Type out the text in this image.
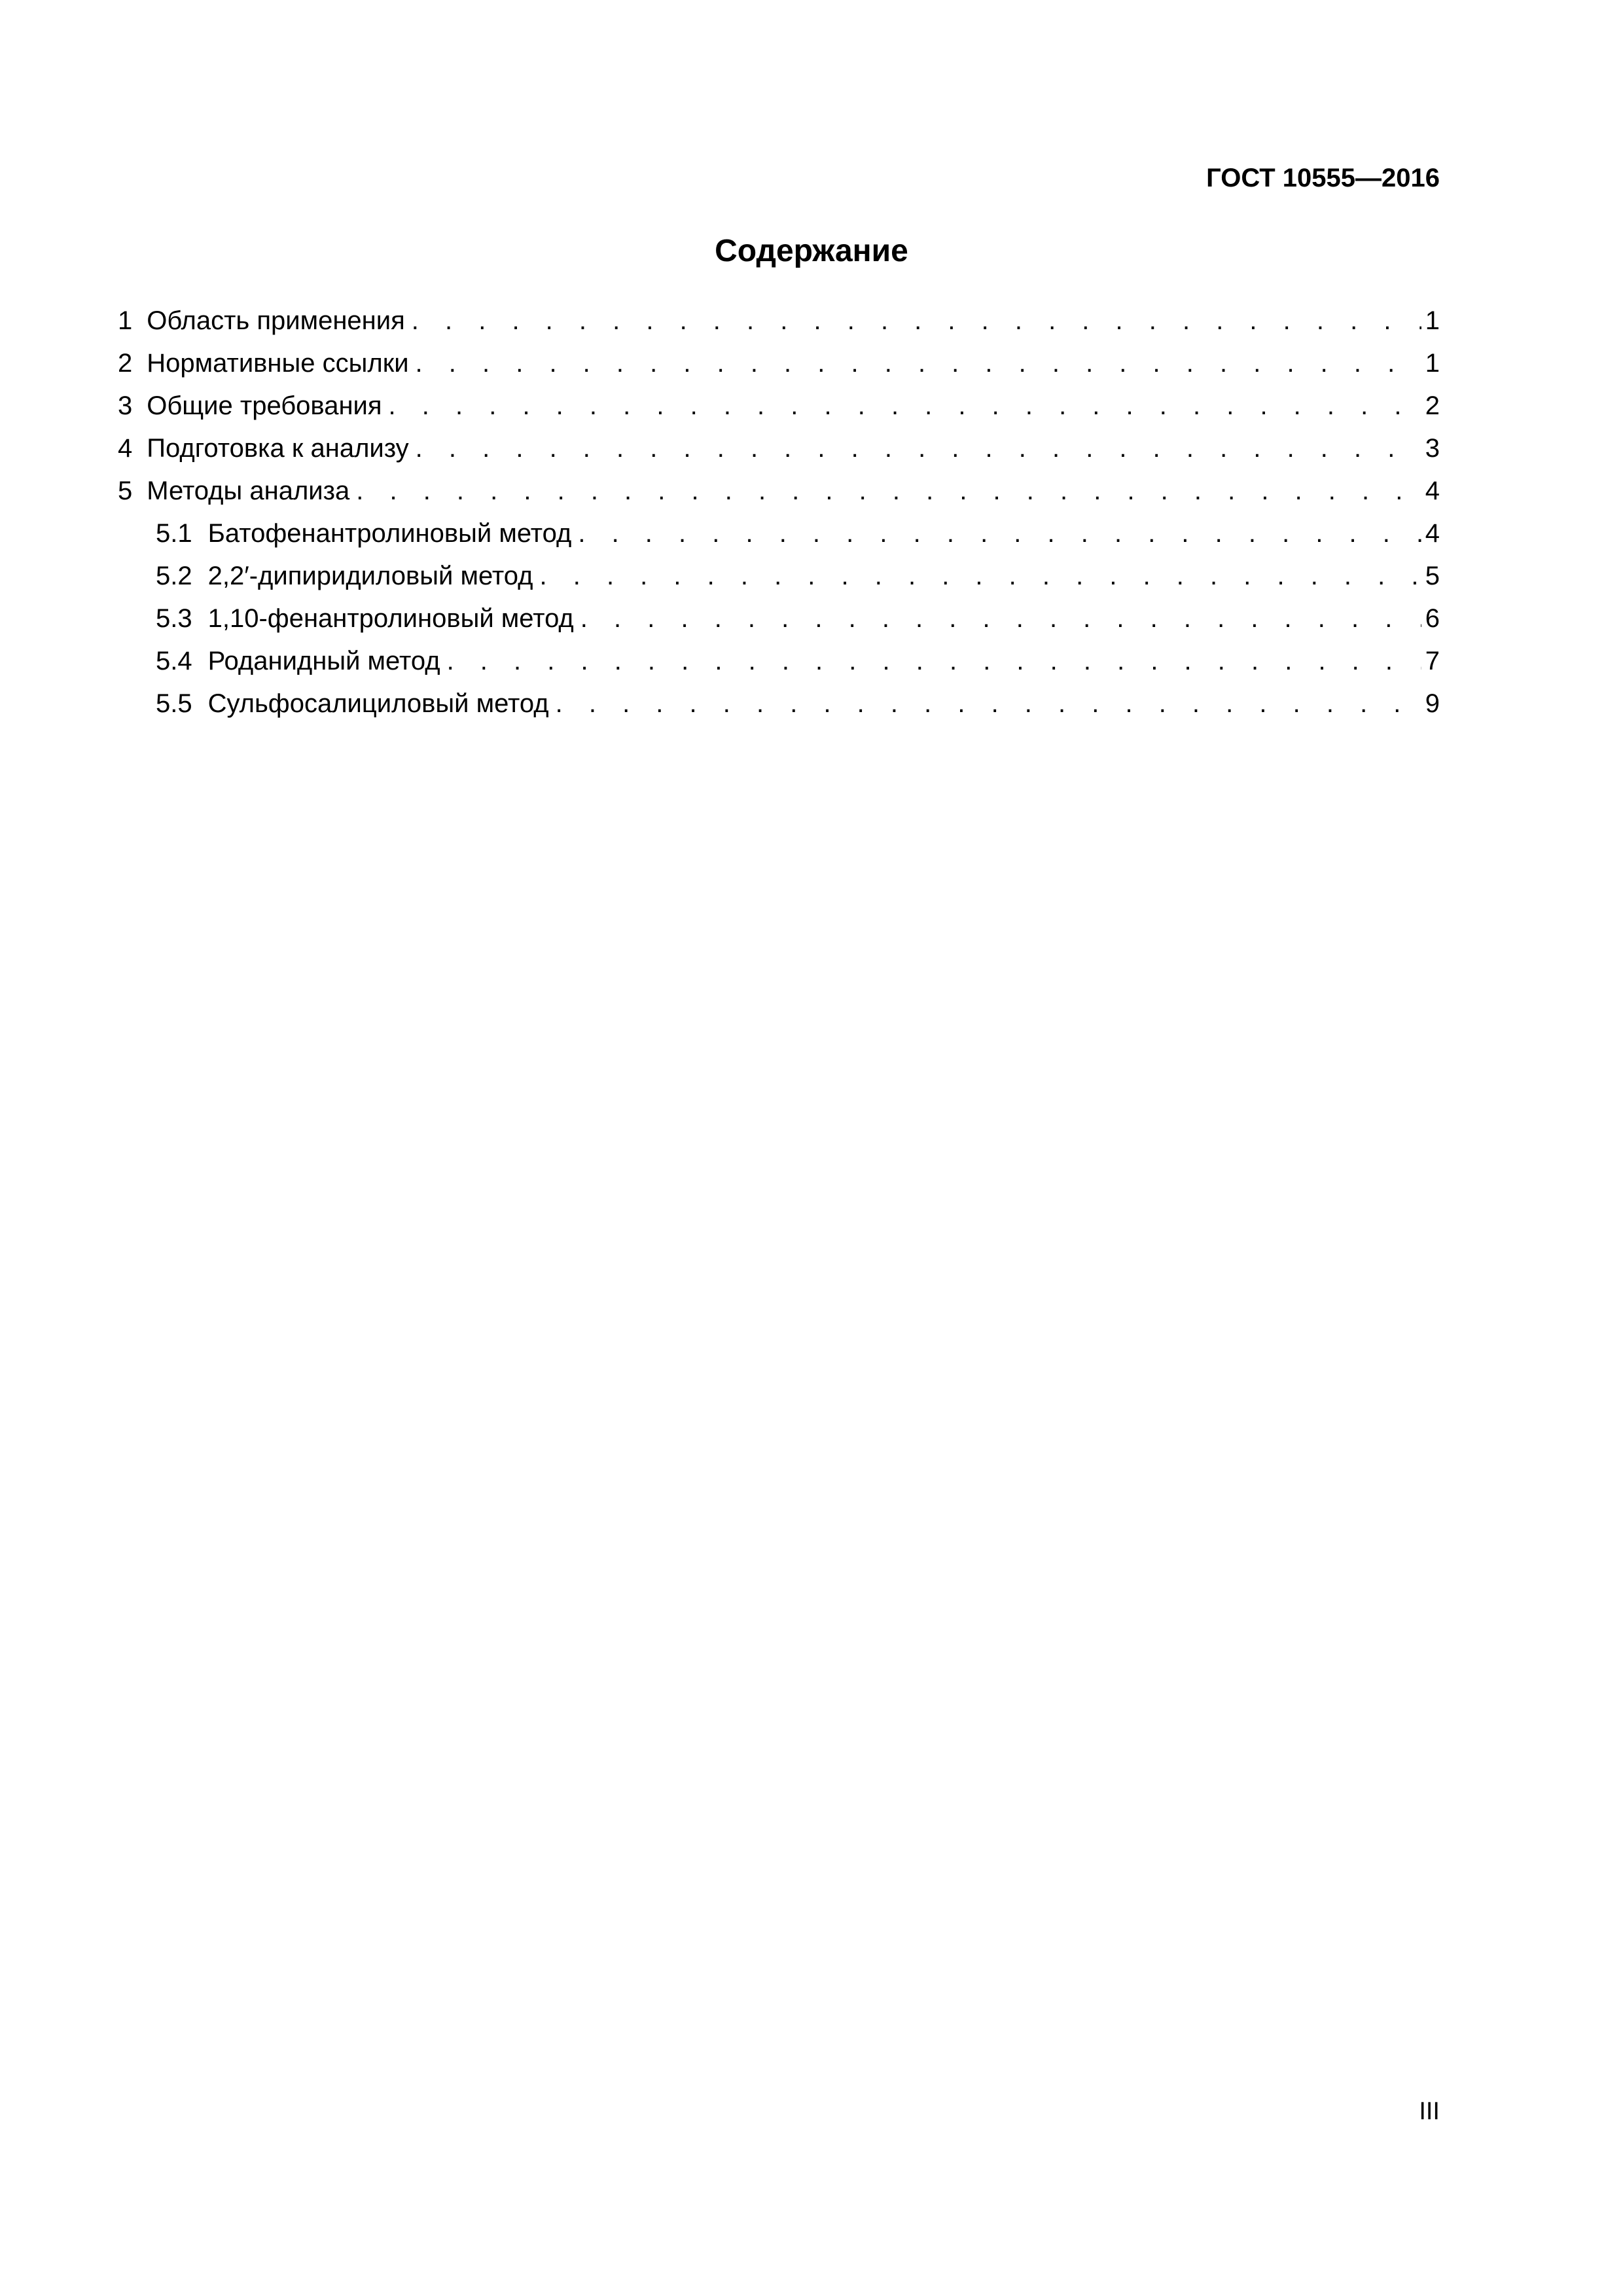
ГОСТ 10555—2016
Содержание
1 Область применения . . .	1
2 Нормативные ссылки . . .	1
3 Общие требования . . .	2
4 Подготовка к анализу . . .	3
5 Методы анализа . . .	4
5.1 Батофенантролиновый метод . . .	4
5.2 2,2′-дипиридиловый метод . . .	5
5.3 1,10-фенантролиновый метод . . .	6
5.4 Роданидный метод . . .	7
5.5 Сульфосалициловый метод . . .	9
III
